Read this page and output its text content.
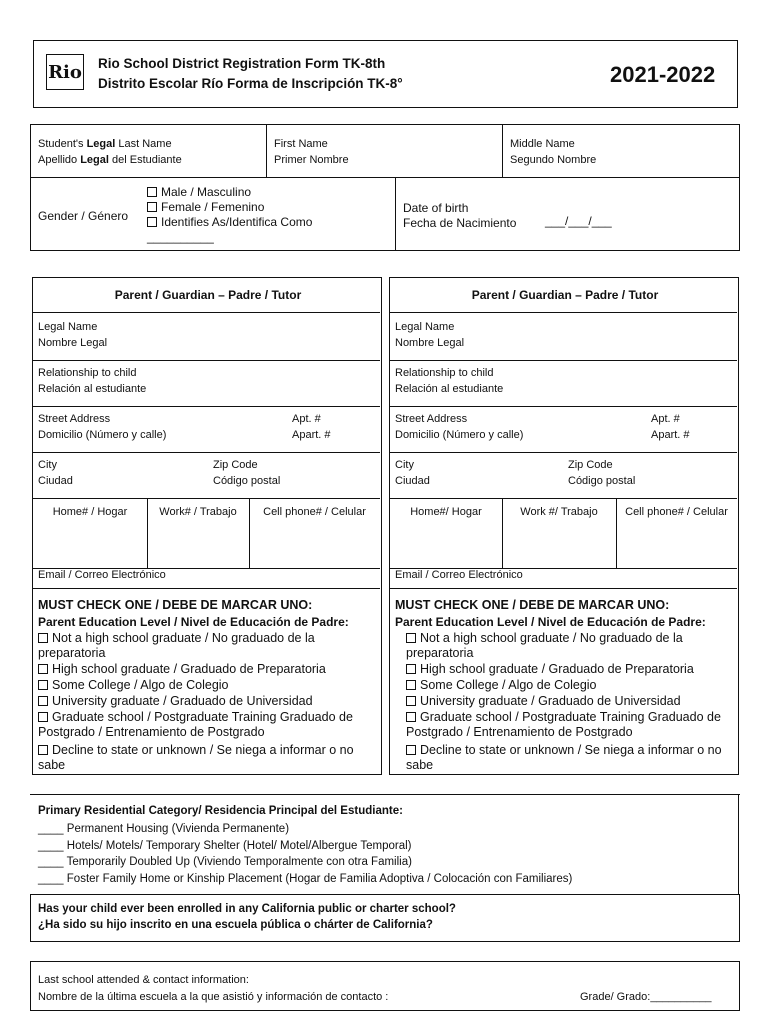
Rio Rio School District Registration Form TK-8th
Distrito Escolar Río Forma de Inscripción TK-8°	2021-2022
Student's Legal Last Name
Apellido Legal del Estudiante
First Name
Primer Nombre
Middle Name
Segundo Nombre
Gender / Género
Male / Masculino
Female / Femenino
Identifies As/Identifica Como
__________
Date of birth
Fecha de Nacimiento ___/___/___
Parent / Guardian – Padre / Tutor
Legal Name
Nombre Legal
Relationship to child
Relación al estudiante
Street Address
Domicilio (Número y calle)
Apt. #
Apart. #
City
Ciudad
Zip Code
Código postal
Home# / Hogar	Work# / Trabajo	Cell phone# / Celular
Email / Correo Electrónico
MUST CHECK ONE / DEBE DE MARCAR UNO:
Parent Education Level / Nivel de Educación de Padre:
Not a high school graduate / No graduado de la preparatoria
High school graduate / Graduado de Preparatoria
Some College / Algo de Colegio
University graduate / Graduado de Universidad
Graduate school / Postgraduate Training Graduado de Postgrado / Entrenamiento de Postgrado
Decline to state or unknown / Se niega a informar o no sabe
Parent / Guardian – Padre / Tutor
Legal Name
Nombre Legal
Relationship to child
Relación al estudiante
Street Address
Domicilio (Número y calle)
Apt. #
Apart. #
City
Ciudad
Zip Code
Código postal
Home#/ Hogar	Work #/ Trabajo	Cell phone# / Celular
Email / Correo Electrónico
MUST CHECK ONE / DEBE DE MARCAR UNO:
Parent Education Level / Nivel de Educación de Padre:
Not a high school graduate / No graduado de la preparatoria
High school graduate / Graduado de Preparatoria
Some College / Algo de Colegio
University graduate / Graduado de Universidad
Graduate school / Postgraduate Training Graduado de Postgrado / Entrenamiento de Postgrado
Decline to state or unknown / Se niega a informar o no sabe
Primary Residential Category/ Residencia Principal del Estudiante:
____ Permanent Housing (Vivienda Permanente)
____ Hotels/ Motels/ Temporary Shelter (Hotel/ Motel/Albergue Temporal)
____ Temporarily Doubled Up (Viviendo Temporalmente con otra Familia)
____ Foster Family Home or Kinship Placement (Hogar de Familia Adoptiva / Colocación con Familiares)
Has your child ever been enrolled in any California public or charter school?
¿Ha sido su hijo inscrito en una escuela pública o chárter de California?
Last school attended & contact information:
Nombre de la última escuela a la que asistió y información de contacto :	Grade/ Grado:__________
